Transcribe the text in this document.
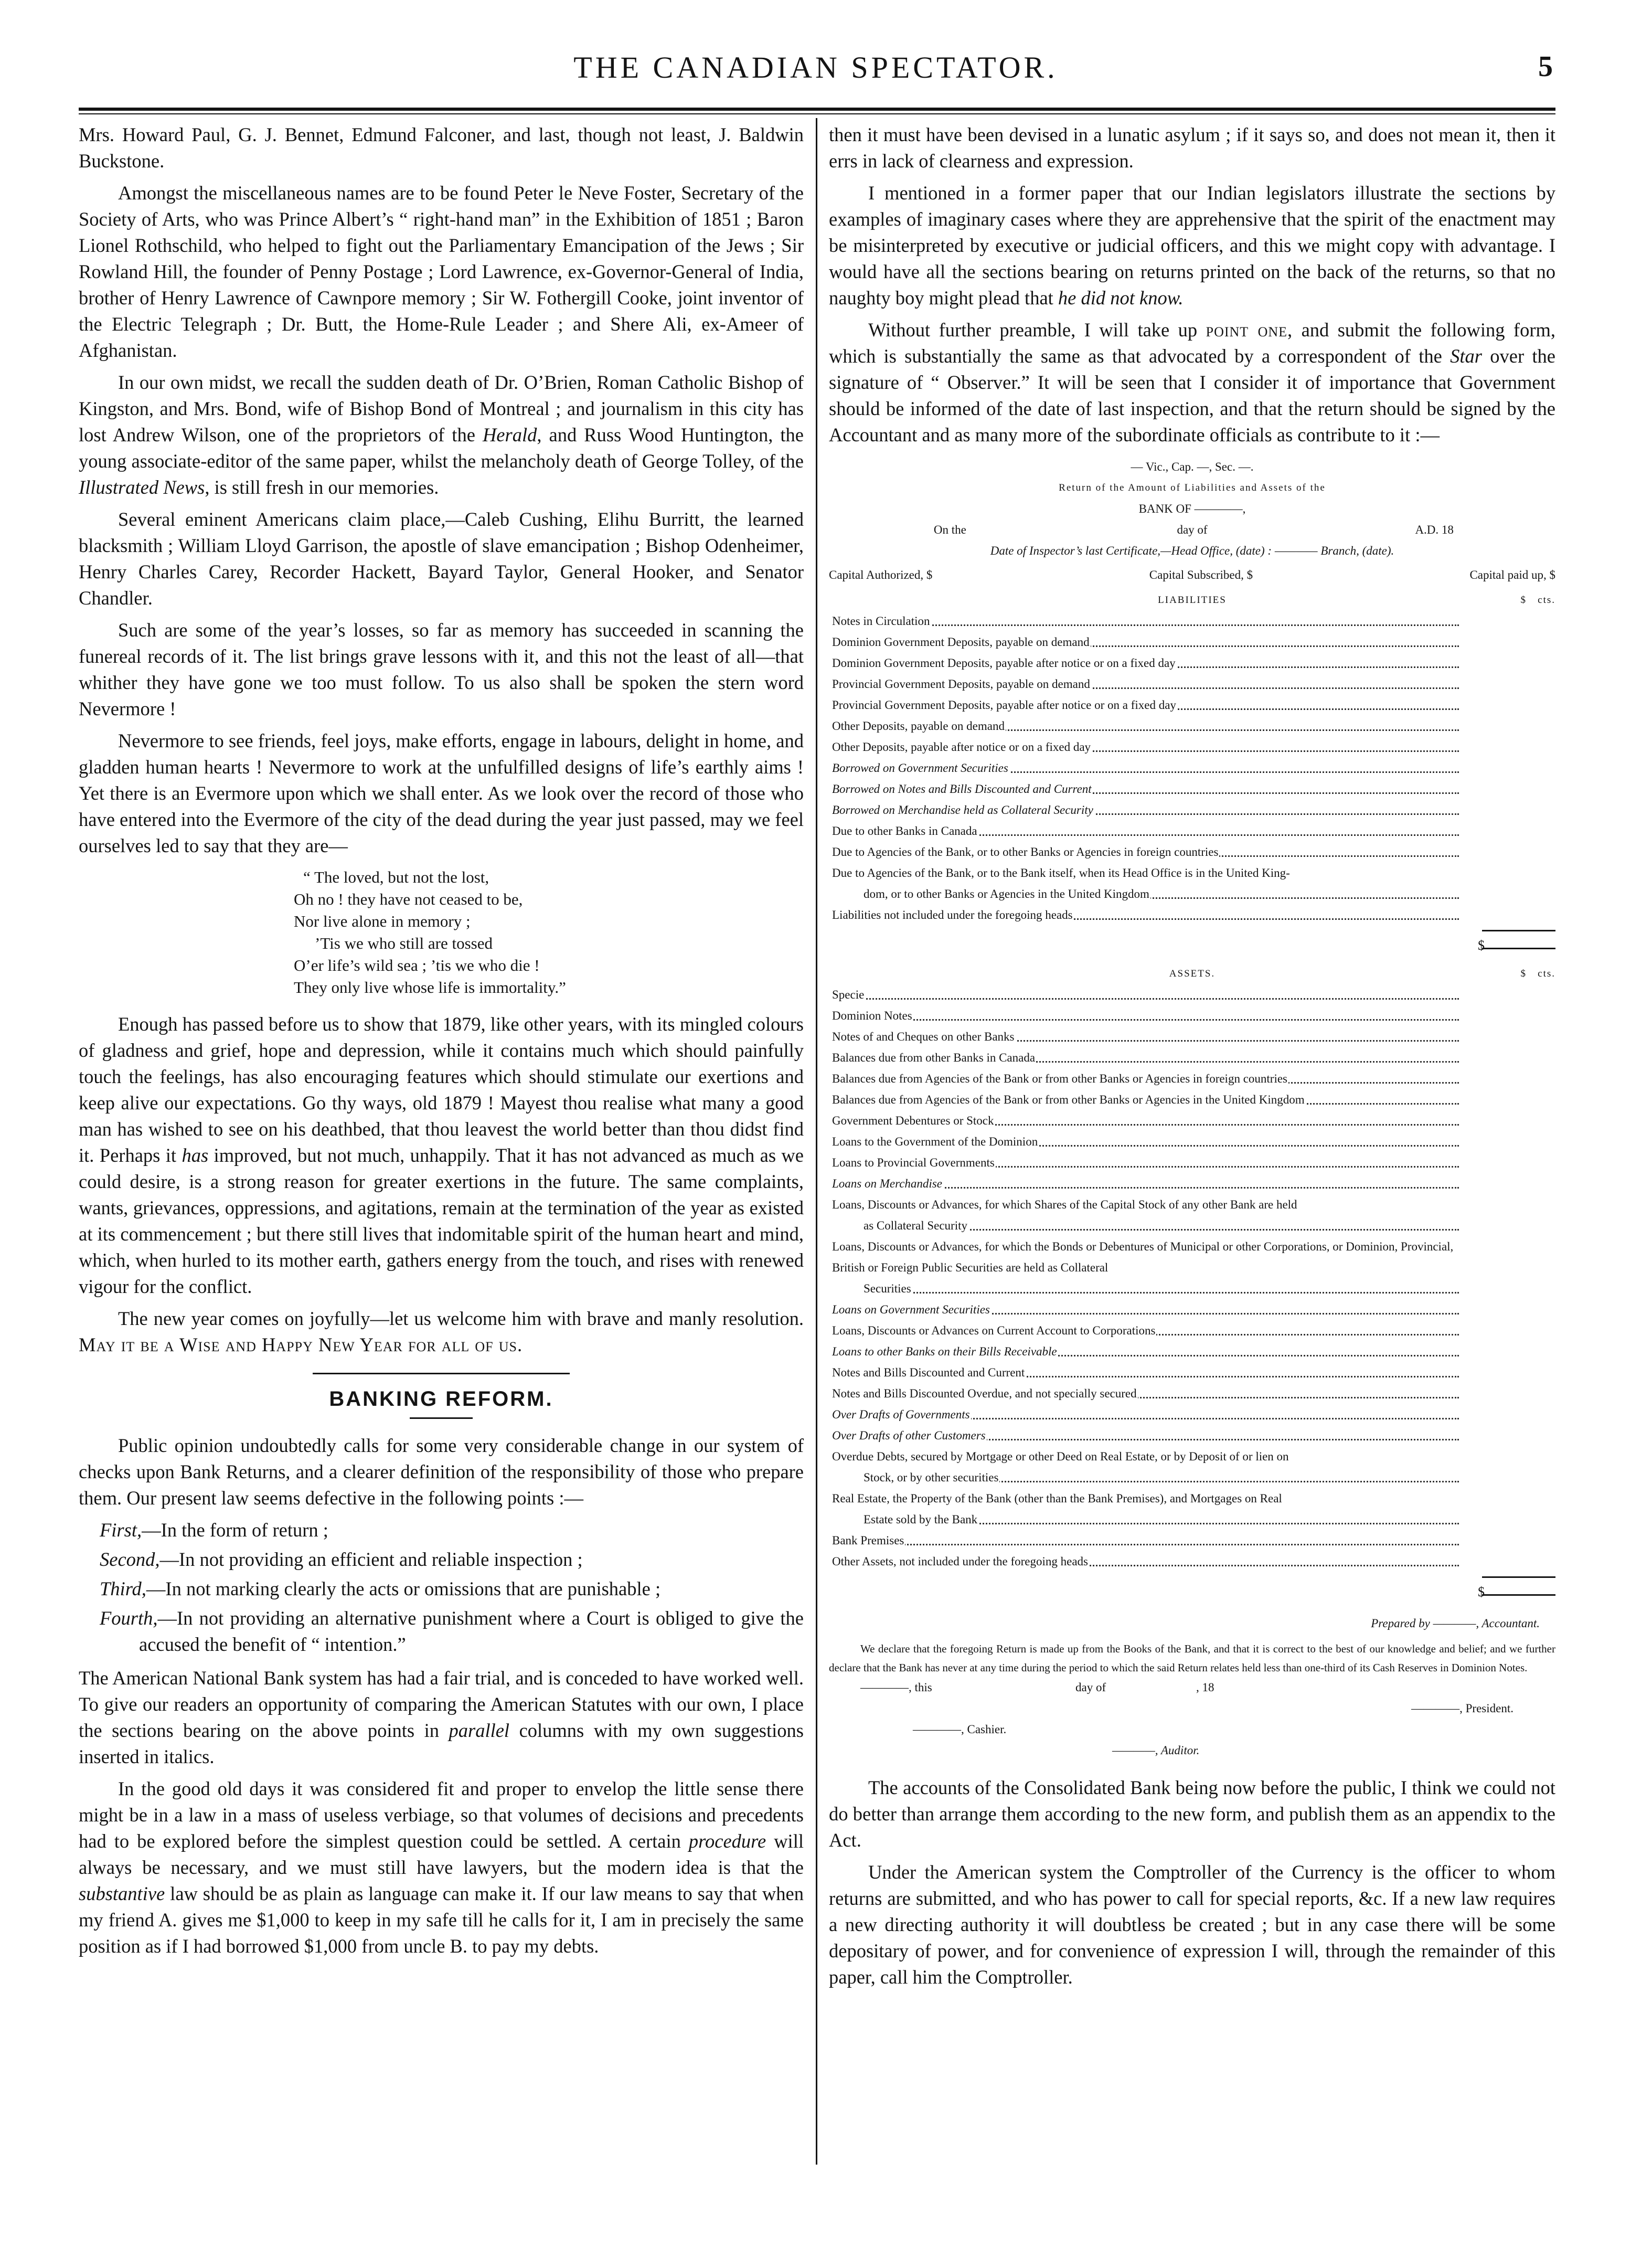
THE CANADIAN SPECTATOR.	5

Mrs. Howard Paul, G. J. Bennet, Edmund Falconer, and last, though not least, J. Baldwin Buckstone.

Amongst the miscellaneous names are to be found Peter le Neve Foster, Secretary of the Society of Arts, who was Prince Albert’s “ right-hand man” in the Exhibition of 1851 ; Baron Lionel Rothschild, who helped to fight out the Parliamentary Emancipation of the Jews ; Sir Rowland Hill, the founder of Penny Postage ; Lord Lawrence, ex-Governor-General of India, brother of Henry Lawrence of Cawnpore memory ; Sir W. Fothergill Cooke, joint inventor of the Electric Telegraph ; Dr. Butt, the Home-Rule Leader ; and Shere Ali, ex-Ameer of Afghanistan.

In our own midst, we recall the sudden death of Dr. O’Brien, Roman Catholic Bishop of Kingston, and Mrs. Bond, wife of Bishop Bond of Montreal ; and journalism in this city has lost Andrew Wilson, one of the proprietors of the Herald, and Russ Wood Huntington, the young associate-editor of the same paper, whilst the melancholy death of George Tolley, of the Illustrated News, is still fresh in our memories.

Several eminent Americans claim place,—Caleb Cushing, Elihu Burritt, the learned blacksmith ; William Lloyd Garrison, the apostle of slave emancipation ; Bishop Odenheimer, Henry Charles Carey, Recorder Hackett, Bayard Taylor, General Hooker, and Senator Chandler.

Such are some of the year’s losses, so far as memory has succeeded in scanning the funereal records of it. The list brings grave lessons with it, and this not the least of all—that whither they have gone we too must follow. To us also shall be spoken the stern word Nevermore !

Nevermore to see friends, feel joys, make efforts, engage in labours, delight in home, and gladden human hearts ! Nevermore to work at the unfulfilled designs of life’s earthly aims ! Yet there is an Evermore upon which we shall enter. As we look over the record of those who have entered into the Evermore of the city of the dead during the year just passed, may we feel ourselves led to say that they are—

“ The loved, but not the lost,
Oh no ! they have not ceased to be,
Nor live alone in memory ;
’Tis we who still are tossed
O’er life’s wild sea ; ’tis we who die !
They only live whose life is immortality.”

Enough has passed before us to show that 1879, like other years, with its mingled colours of gladness and grief, hope and depression, while it contains much which should painfully touch the feelings, has also encouraging features which should stimulate our exertions and keep alive our expectations. Go thy ways, old 1879 ! Mayest thou realise what many a good man has wished to see on his deathbed, that thou leavest the world better than thou didst find it. Perhaps it has improved, but not much, unhappily. That it has not advanced as much as we could desire, is a strong reason for greater exertions in the future. The same complaints, wants, grievances, oppressions, and agitations, remain at the termination of the year as existed at its commencement ; but there still lives that indomitable spirit of the human heart and mind, which, when hurled to its mother earth, gathers energy from the touch, and rises with renewed vigour for the conflict.

The new year comes on joyfully—let us welcome him with brave and manly resolution. May it be a Wise and Happy New Year for all of us.

BANKING REFORM.

Public opinion undoubtedly calls for some very considerable change in our system of checks upon Bank Returns, and a clearer definition of the responsibility of those who prepare them. Our present law seems defective in the following points :—

First,—In the form of return ;
Second,—In not providing an efficient and reliable inspection ;
Third,—In not marking clearly the acts or omissions that are punishable ;
Fourth,—In not providing an alternative punishment where a Court is obliged to give the accused the benefit of “ intention.”

The American National Bank system has had a fair trial, and is conceded to have worked well. To give our readers an opportunity of comparing the American Statutes with our own, I place the sections bearing on the above points in parallel columns with my own suggestions inserted in italics.

In the good old days it was considered fit and proper to envelop the little sense there might be in a law in a mass of useless verbiage, so that volumes of decisions and precedents had to be explored before the simplest question could be settled. A certain procedure will always be necessary, and we must still have lawyers, but the modern idea is that the substantive law should be as plain as language can make it. If our law means to say that when my friend A. gives me $1,000 to keep in my safe till he calls for it, I am in precisely the same position as if I had borrowed $1,000 from uncle B. to pay my debts.

then it must have been devised in a lunatic asylum ; if it says so, and does not mean it, then it errs in lack of clearness and expression.

I mentioned in a former paper that our Indian legislators illustrate the sections by examples of imaginary cases where they are apprehensive that the spirit of the enactment may be misinterpreted by executive or judicial officers, and this we might copy with advantage. I would have all the sections bearing on returns printed on the back of the returns, so that no naughty boy might plead that he did not know.

Without further preamble, I will take up point one, and submit the following form, which is substantially the same as that advocated by a correspondent of the Star over the signature of “ Observer.” It will be seen that I consider it of importance that Government should be informed of the date of last inspection, and that the return should be signed by the Accountant and as many more of the subordinate officials as contribute to it :—

— Vic., Cap. —, Sec. —.
Return of the Amount of Liabilities and Assets of the
BANK OF ————,
On the	day of	A.D. 18
Date of Inspector’s last Certificate,—Head Office, (date) : ———— Branch, (date).
Capital Authorized, $	Capital Subscribed, $	Capital paid up, $
LIABILITIES	$ cts.
Notes in Circulation
Dominion Government Deposits, payable on demand
Dominion Government Deposits, payable after notice or on a fixed day
Provincial Government Deposits, payable on demand
Provincial Government Deposits, payable after notice or on a fixed day
Other Deposits, payable on demand
Other Deposits, payable after notice or on a fixed day
Borrowed on Government Securities
Borrowed on Notes and Bills Discounted and Current
Borrowed on Merchandise held as Collateral Security
Due to other Banks in Canada
Due to Agencies of the Bank, or to other Banks or Agencies in foreign countries
Due to Agencies of the Bank, or to the Bank itself, when its Head Office is in the United King-
dom, or to other Banks or Agencies in the United Kingdom
Liabilities not included under the foregoing heads
$
ASSETS.	$ cts.
Specie
Dominion Notes
Notes of and Cheques on other Banks
Balances due from other Banks in Canada
Balances due from Agencies of the Bank or from other Banks or Agencies in foreign countries
Balances due from Agencies of the Bank or from other Banks or Agencies in the United Kingdom
Government Debentures or Stock
Loans to the Government of the Dominion
Loans to Provincial Governments
Loans on Merchandise
Loans, Discounts or Advances, for which Shares of the Capital Stock of any other Bank are held
as Collateral Security
Loans, Discounts or Advances, for which the Bonds or Debentures of Municipal or other Corporations, or Dominion, Provincial, British or Foreign Public Securities are held as Collateral
Securities
Loans on Government Securities
Loans, Discounts or Advances on Current Account to Corporations
Loans to other Banks on their Bills Receivable
Notes and Bills Discounted and Current
Notes and Bills Discounted Overdue, and not specially secured
Over Drafts of Governments
Over Drafts of other Customers
Overdue Debts, secured by Mortgage or other Deed on Real Estate, or by Deposit of or lien on
Stock, or by other securities
Real Estate, the Property of the Bank (other than the Bank Premises), and Mortgages on Real
Estate sold by the Bank
Bank Premises
Other Assets, not included under the foregoing heads
$
Prepared by ————, Accountant.
We declare that the foregoing Return is made up from the Books of the Bank, and that it is correct to the best of our knowledge and belief; and we further declare that the Bank has never at any time during the period to which the said Return relates held less than one-third of its Cash Reserves in Dominion Notes.
————, this	day of	, 18
————, President.
————, Cashier.
————, Auditor.

The accounts of the Consolidated Bank being now before the public, I think we could not do better than arrange them according to the new form, and publish them as an appendix to the Act.

Under the American system the Comptroller of the Currency is the officer to whom returns are submitted, and who has power to call for special reports, &c. If a new law requires a new directing authority it will doubtless be created ; but in any case there will be some depositary of power, and for convenience of expression I will, through the remainder of this paper, call him the Comptroller.
